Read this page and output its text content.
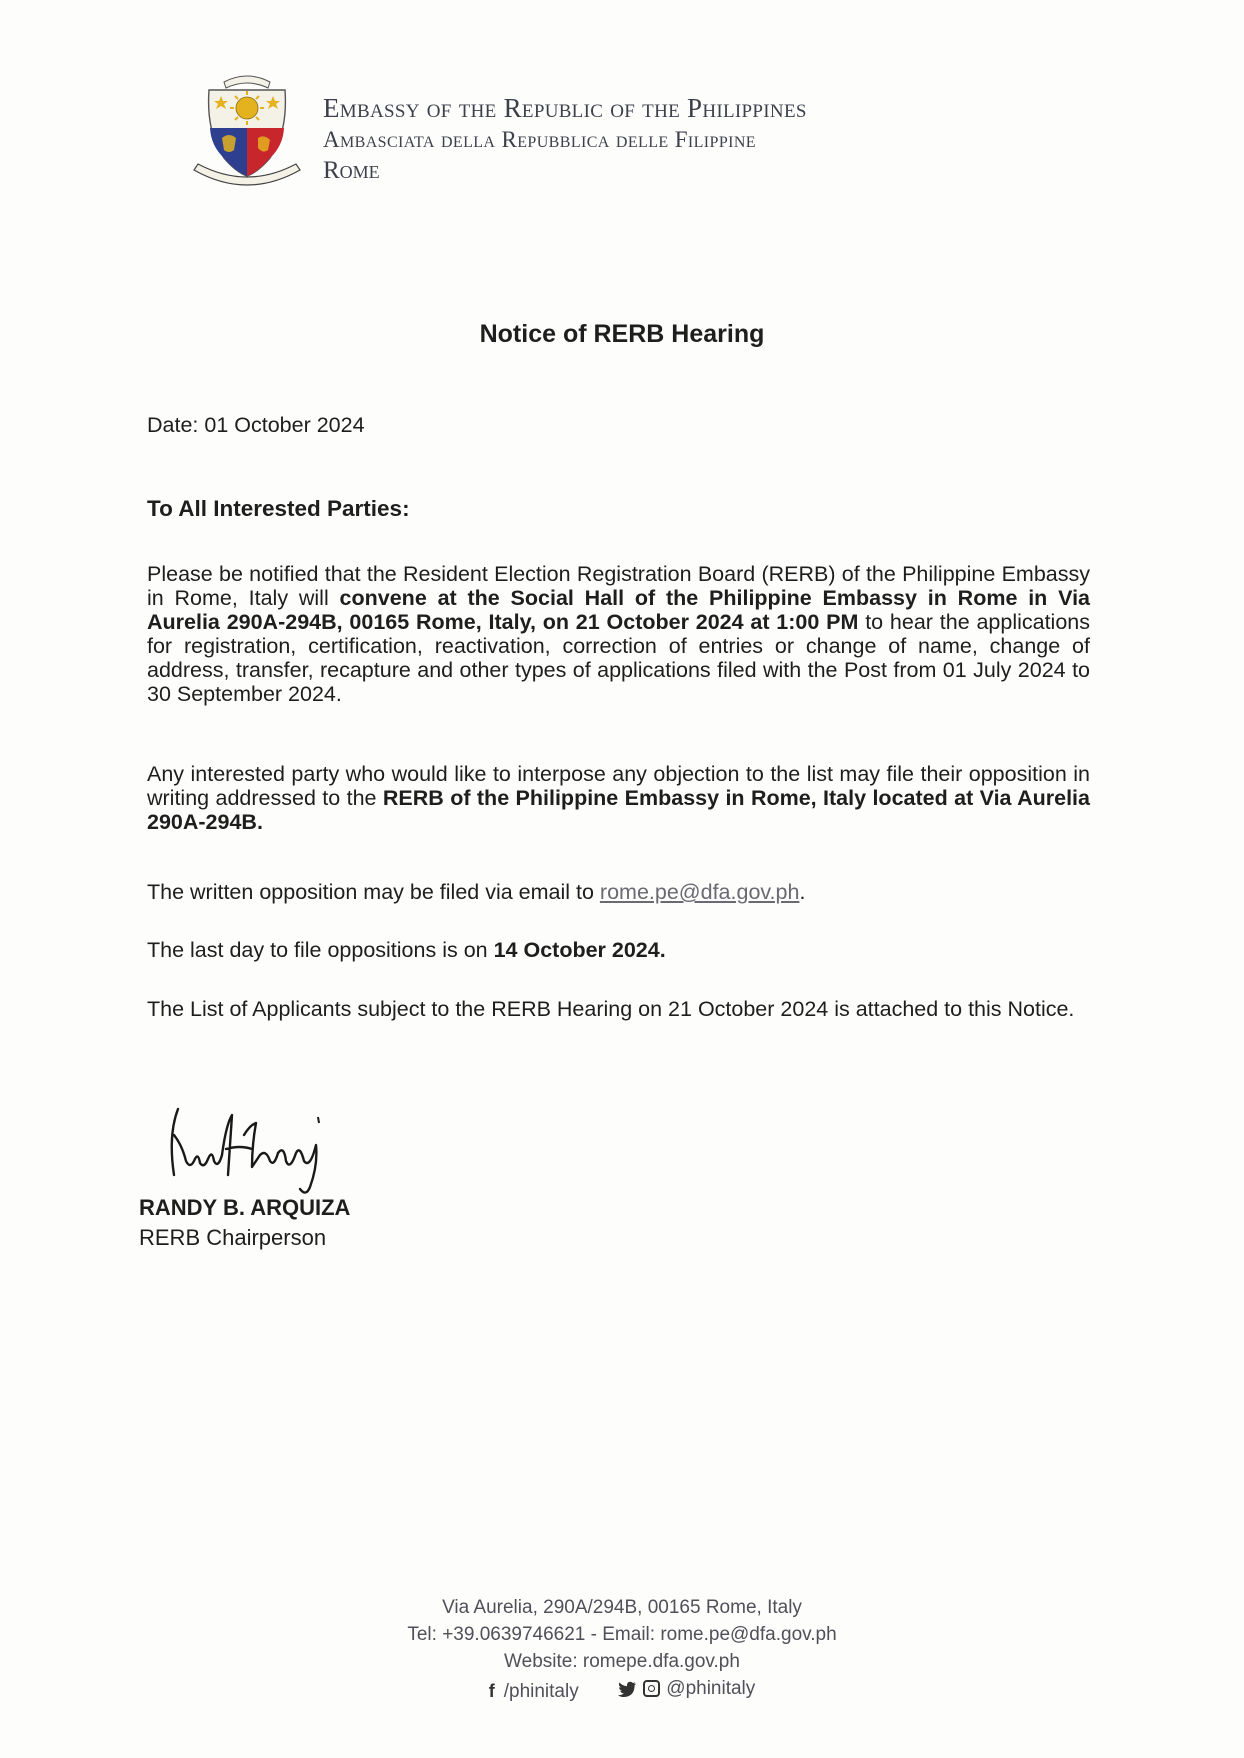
Embassy of the Republic of the Philippines
Ambasciata della Repubblica delle Filippine
Rome
Notice of RERB Hearing
Date: 01 October 2024
To All Interested Parties:
Please be notified that the Resident Election Registration Board (RERB) of the Philippine Embassy in Rome, Italy will convene at the Social Hall of the Philippine Embassy in Rome in Via Aurelia 290A-294B, 00165 Rome, Italy, on 21 October 2024 at 1:00 PM to hear the applications for registration, certification, reactivation, correction of entries or change of name, change of address, transfer, recapture and other types of applications filed with the Post from 01 July 2024 to 30 September 2024.
Any interested party who would like to interpose any objection to the list may file their opposition in writing addressed to the RERB of the Philippine Embassy in Rome, Italy located at Via Aurelia 290A-294B.
The written opposition may be filed via email to rome.pe@dfa.gov.ph.
The last day to file oppositions is on 14 October 2024.
The List of Applicants subject to the RERB Hearing on 21 October 2024 is attached to this Notice.
RANDY B. ARQUIZA
RERB Chairperson
Via Aurelia, 290A/294B, 00165 Rome, Italy
Tel: +39.0639746621 - Email: rome.pe@dfa.gov.ph
Website: romepe.dfa.gov.ph
f /phinitaly
	@phinitaly
